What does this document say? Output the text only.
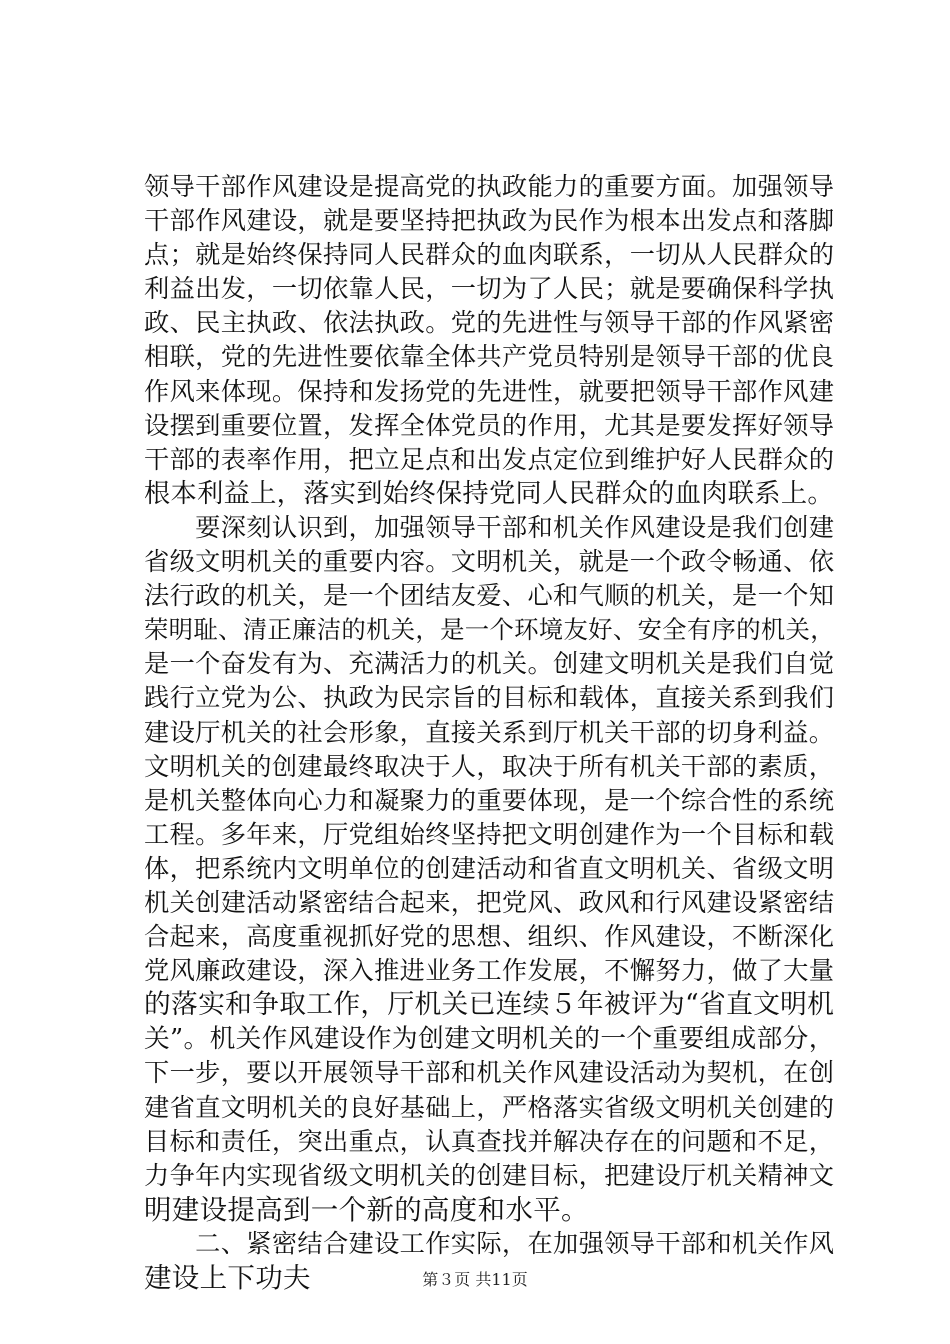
领导干部作风建设是提高党的执政能力的重要方面。加强领导
干部作风建设，就是要坚持把执政为民作为根本出发点和落脚
点；就是始终保持同人民群众的血肉联系，一切从人民群众的
利益出发，一切依靠人民，一切为了人民；就是要确保科学执
政、民主执政、依法执政。党的先进性与领导干部的作风紧密
相联，党的先进性要依靠全体共产党员特别是领导干部的优良
作风来体现。保持和发扬党的先进性，就要把领导干部作风建
设摆到重要位置，发挥全体党员的作用，尤其是要发挥好领导
干部的表率作用，把立足点和出发点定位到维护好人民群众的
根本利益上，落实到始终保持党同人民群众的血肉联系上。
　　要深刻认识到，加强领导干部和机关作风建设是我们创建
省级文明机关的重要内容。文明机关，就是一个政令畅通、依
法行政的机关，是一个团结友爱、心和气顺的机关，是一个知
荣明耻、清正廉洁的机关，是一个环境友好、安全有序的机关，
是一个奋发有为、充满活力的机关。创建文明机关是我们自觉
践行立党为公、执政为民宗旨的目标和载体，直接关系到我们
建设厅机关的社会形象，直接关系到厅机关干部的切身利益。
文明机关的创建最终取决于人，取决于所有机关干部的素质，
是机关整体向心力和凝聚力的重要体现，是一个综合性的系统
工程。多年来，厅党组始终坚持把文明创建作为一个目标和载
体，把系统内文明单位的创建活动和省直文明机关、省级文明
机关创建活动紧密结合起来，把党风、政风和行风建设紧密结
合起来，高度重视抓好党的思想、组织、作风建设，不断深化
党风廉政建设，深入推进业务工作发展，不懈努力，做了大量
的落实和争取工作，厅机关已连续５年被评为“省直文明机
关”。机关作风建设作为创建文明机关的一个重要组成部分，
下一步，要以开展领导干部和机关作风建设活动为契机，在创
建省直文明机关的良好基础上，严格落实省级文明机关创建的
目标和责任，突出重点，认真查找并解决存在的问题和不足，
力争年内实现省级文明机关的创建目标，把建设厅机关精神文
明建设提高到一个新的高度和水平。
　　二、紧密结合建设工作实际，在加强领导干部和机关作风
建设上下功夫	第３页 共11页
